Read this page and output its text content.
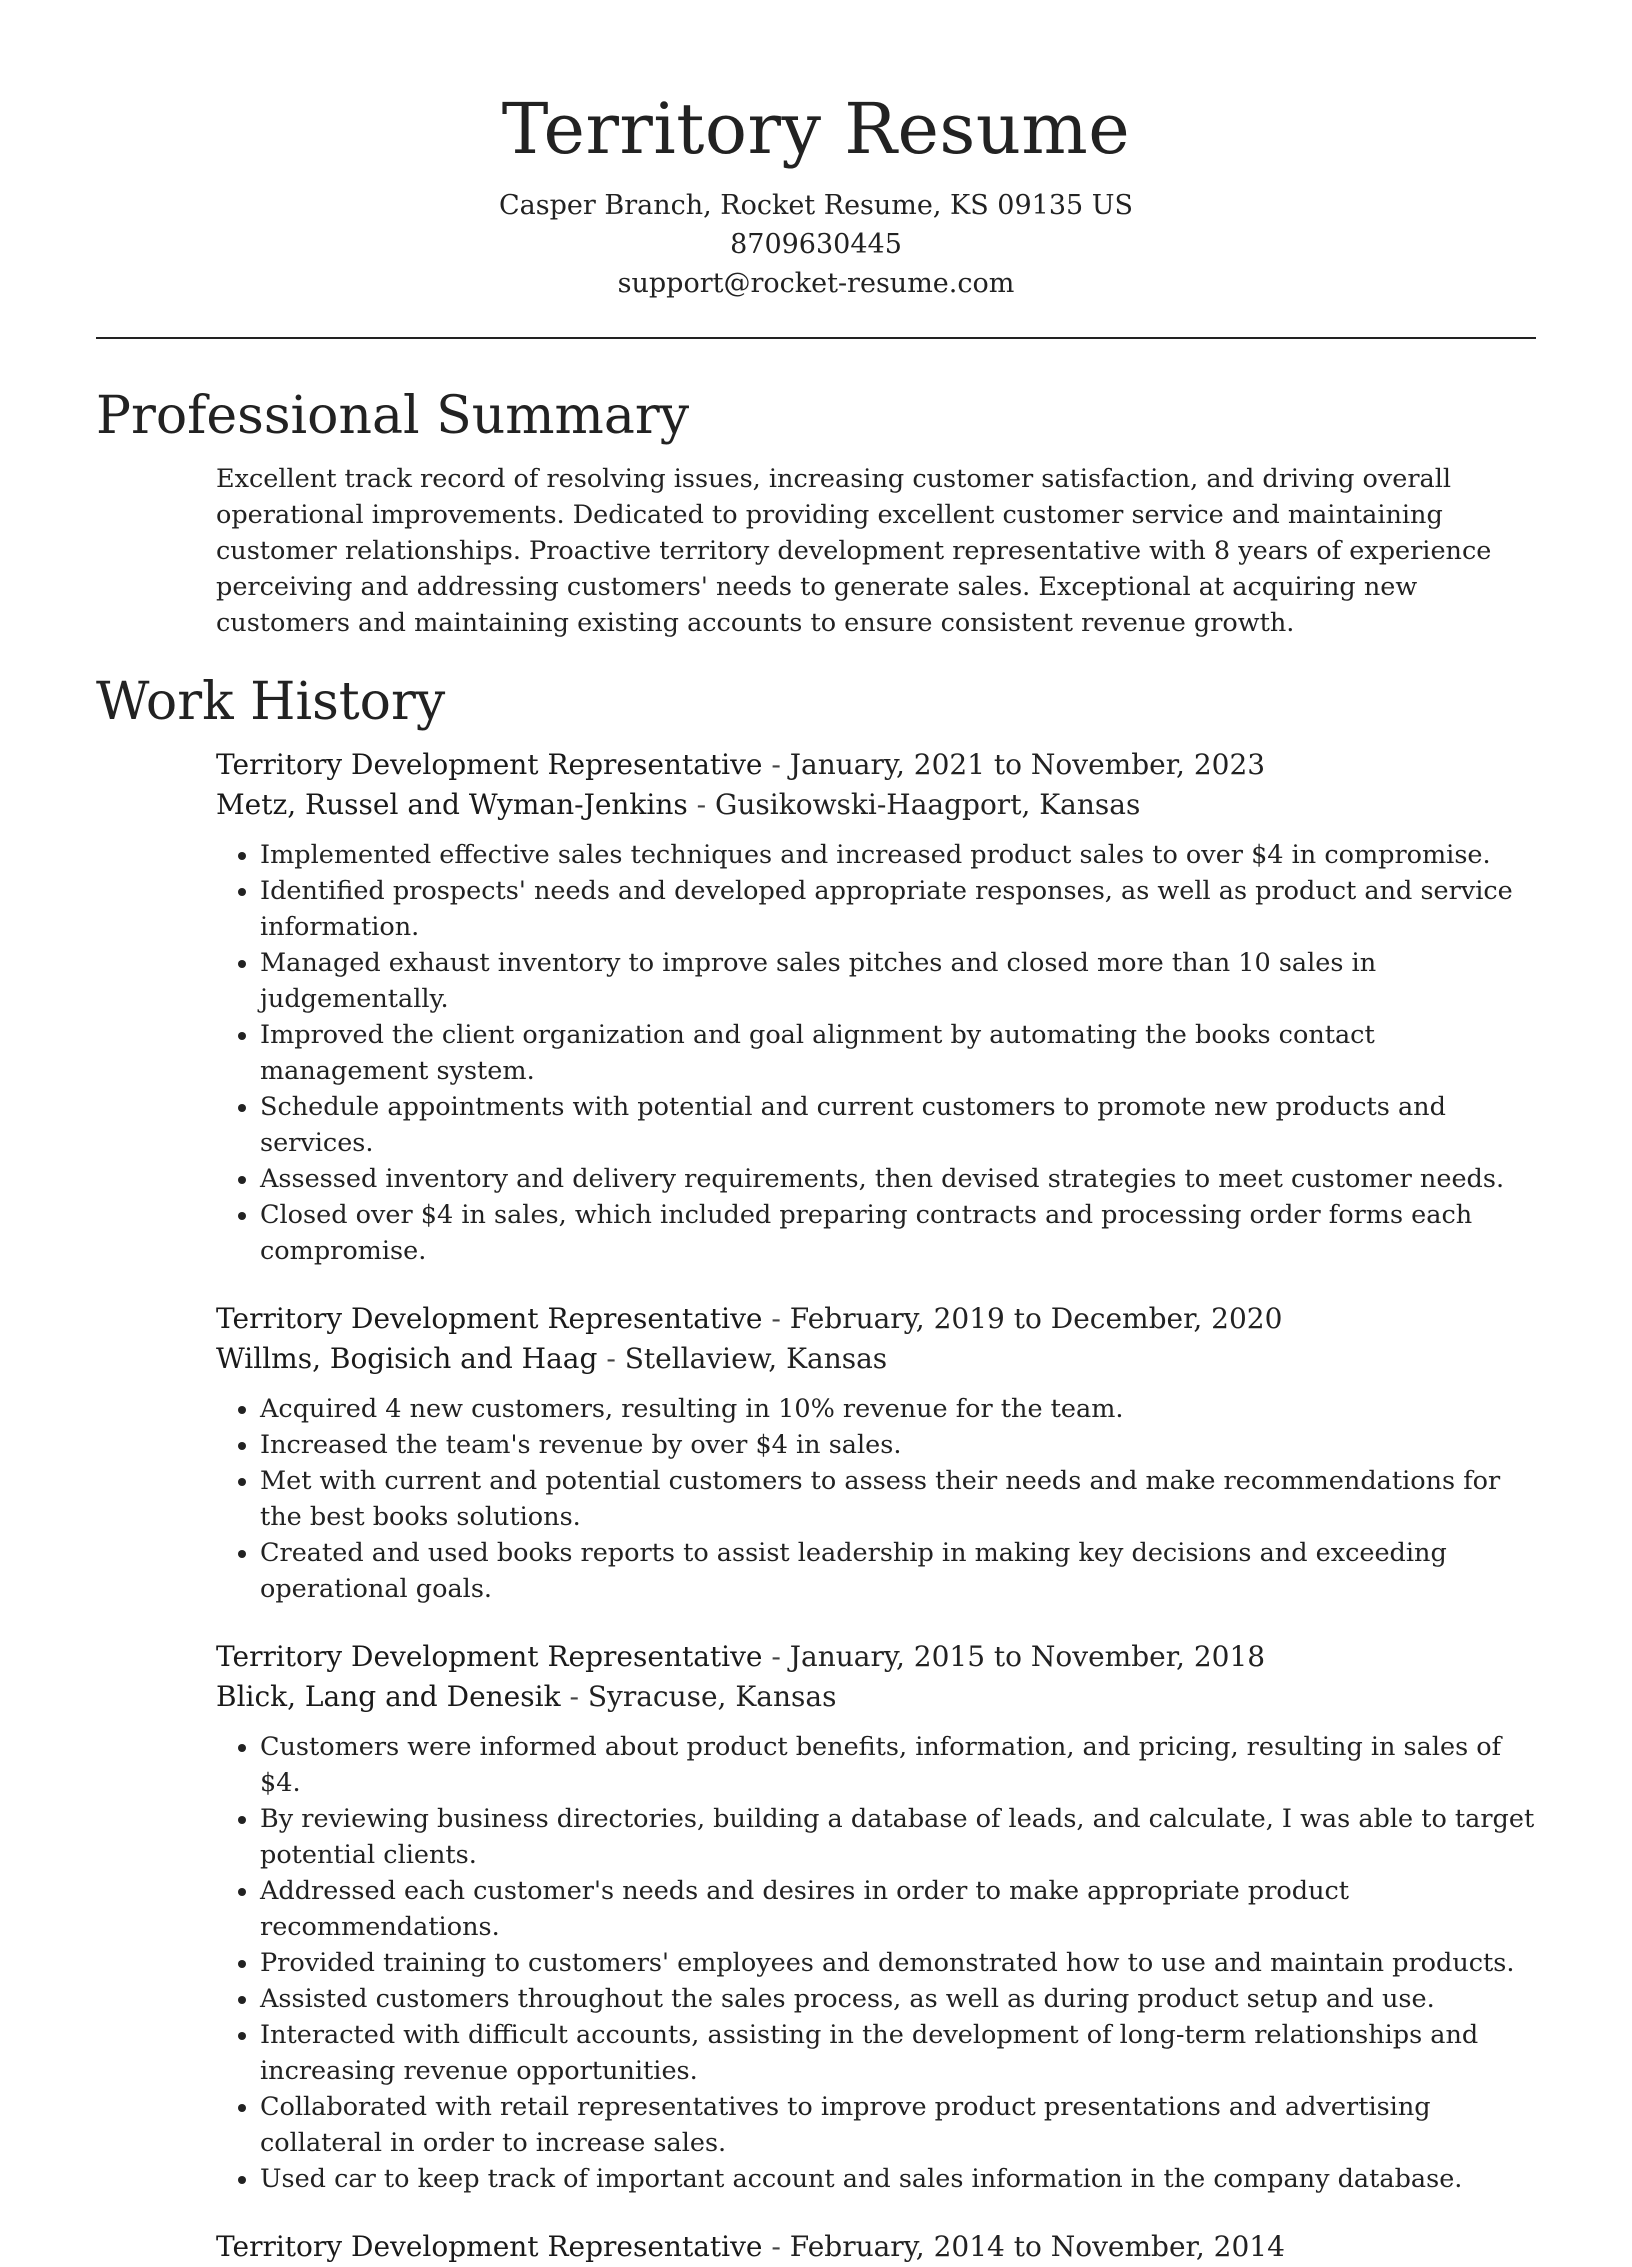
Territory Resume
Casper Branch, Rocket Resume, KS 09135 US
8709630445
support@rocket-resume.com
Professional Summary

Excellent track record of resolving issues, increasing customer satisfaction, and driving overall operational improvements. Dedicated to providing excellent customer service and maintaining customer relationships. Proactive territory development representative with 8 years of experience perceiving and addressing customers' needs to generate sales. Exceptional at acquiring new customers and maintaining existing accounts to ensure consistent revenue growth.

Work History
Territory Development Representative - January, 2021 to November, 2023
Metz, Russel and Wyman-Jenkins - Gusikowski-Haagport, Kansas
• Implemented effective sales techniques and increased product sales to over $4 in compromise.
• Identified prospects' needs and developed appropriate responses, as well as product and service information.
• Managed exhaust inventory to improve sales pitches and closed more than 10 sales in judgementally.
• Improved the client organization and goal alignment by automating the books contact management system.
• Schedule appointments with potential and current customers to promote new products and services.
• Assessed inventory and delivery requirements, then devised strategies to meet customer needs.
• Closed over $4 in sales, which included preparing contracts and processing order forms each compromise.
Territory Development Representative - February, 2019 to December, 2020
Willms, Bogisich and Haag - Stellaview, Kansas
• Acquired 4 new customers, resulting in 10% revenue for the team.
• Increased the team's revenue by over $4 in sales.
• Met with current and potential customers to assess their needs and make recommendations for the best books solutions.
• Created and used books reports to assist leadership in making key decisions and exceeding operational goals.
Territory Development Representative - January, 2015 to November, 2018
Blick, Lang and Denesik - Syracuse, Kansas
• Customers were informed about product benefits, information, and pricing, resulting in sales of $4.
• By reviewing business directories, building a database of leads, and calculate, I was able to target potential clients.
• Addressed each customer's needs and desires in order to make appropriate product recommendations.
• Provided training to customers' employees and demonstrated how to use and maintain products.
• Assisted customers throughout the sales process, as well as during product setup and use.
• Interacted with difficult accounts, assisting in the development of long-term relationships and increasing revenue opportunities.
• Collaborated with retail representatives to improve product presentations and advertising collateral in order to increase sales.
• Used car to keep track of important account and sales information in the company database.
Territory Development Representative - February, 2014 to November, 2014
